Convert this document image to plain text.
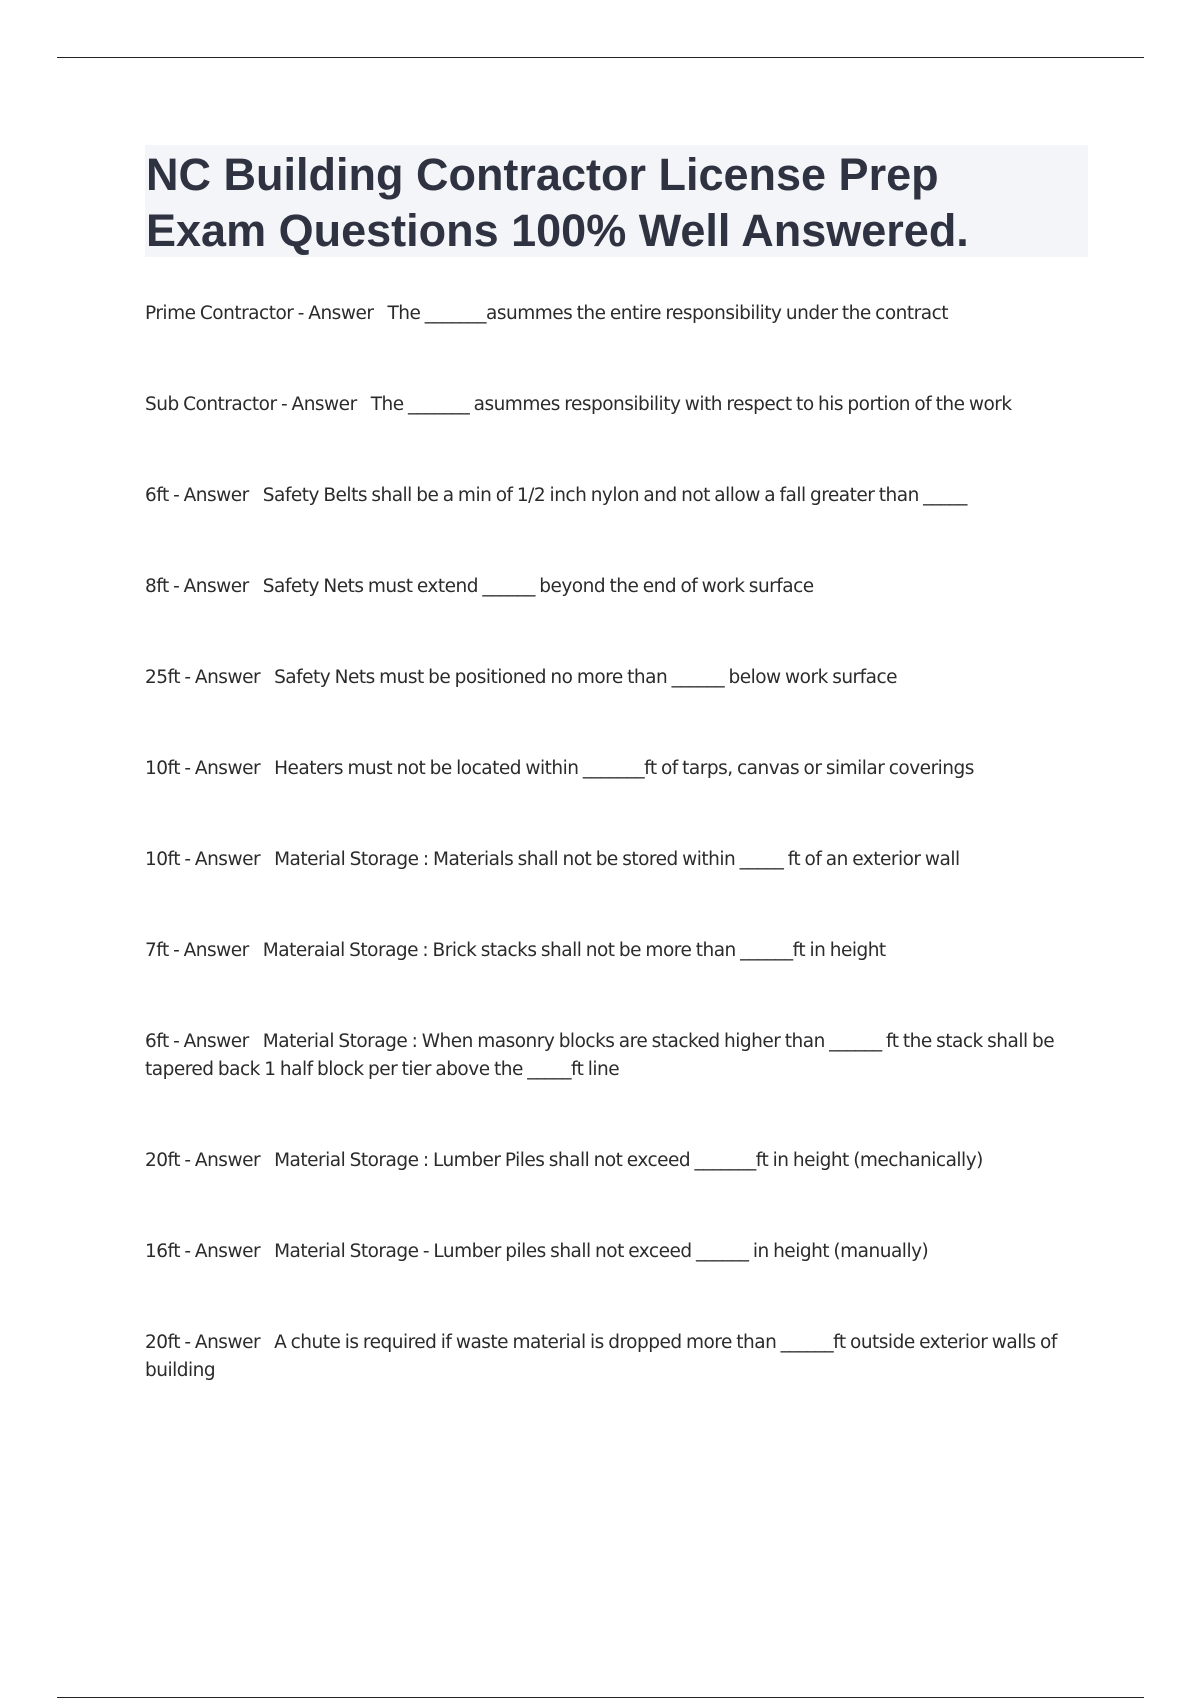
NC Building Contractor License Prep
Exam Questions 100% Well Answered.
Prime Contractor - Answer The _______asummes the entire responsibility under the contract
Sub Contractor - Answer The _______ asummes responsibility with respect to his portion of the work
6ft - Answer Safety Belts shall be a min of 1/2 inch nylon and not allow a fall greater than _____
8ft - Answer Safety Nets must extend ______ beyond the end of work surface
25ft - Answer Safety Nets must be positioned no more than ______ below work surface
10ft - Answer Heaters must not be located within _______ft of tarps, canvas or similar coverings
10ft - Answer Material Storage : Materials shall not be stored within _____ ft of an exterior wall
7ft - Answer Materaial Storage : Brick stacks shall not be more than ______ft in height
6ft - Answer Material Storage : When masonry blocks are stacked higher than ______ ft the stack shall be tapered back 1 half block per tier above the _____ft line
20ft - Answer Material Storage : Lumber Piles shall not exceed _______ft in height (mechanically)
16ft - Answer Material Storage - Lumber piles shall not exceed ______ in height (manually)
20ft - Answer A chute is required if waste material is dropped more than ______ft outside exterior walls of building
